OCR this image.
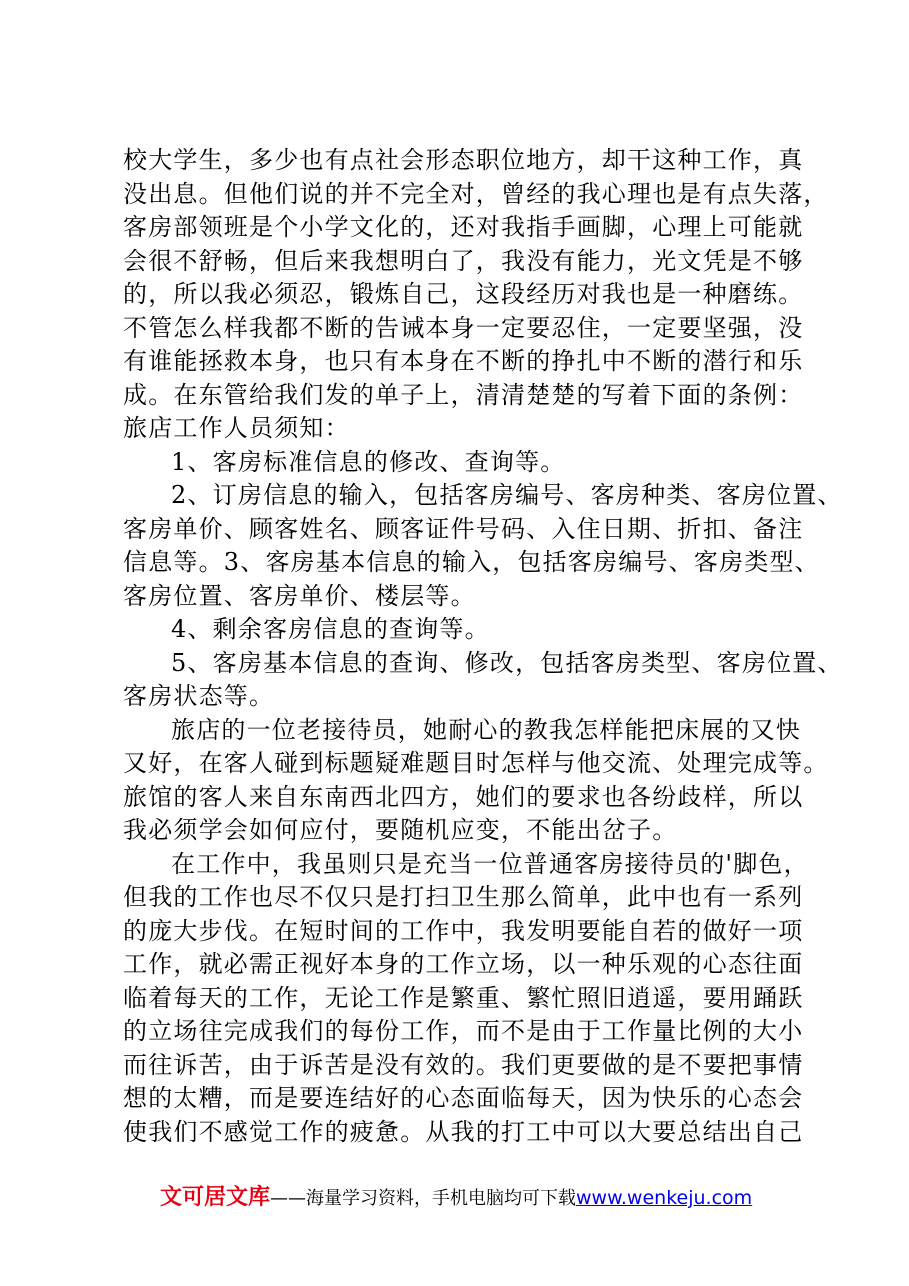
校大学生，多少也有点社会形态职位地方，却干这种工作，真
没出息。但他们说的并不完全对，曾经的我心理也是有点失落，
客房部领班是个小学文化的，还对我指手画脚，心理上可能就
会很不舒畅，但后来我想明白了，我没有能力，光文凭是不够
的，所以我必须忍，锻炼自己，这段经历对我也是一种磨练。
不管怎么样我都不断的告诫本身一定要忍住，一定要坚强，没
有谁能拯救本身，也只有本身在不断的挣扎中不断的潜行和乐
成。在东管给我们发的单子上，清清楚楚的写着下面的条例：
旅店工作人员须知：
1、客房标准信息的修改、查询等。
2、订房信息的输入，包括客房编号、客房种类、客房位置、
客房单价、顾客姓名、顾客证件号码、入住日期、折扣、备注
信息等。3、客房基本信息的输入，包括客房编号、客房类型、
客房位置、客房单价、楼层等。
4、剩余客房信息的查询等。
5、客房基本信息的查询、修改，包括客房类型、客房位置、
客房状态等。
旅店的一位老接待员，她耐心的教我怎样能把床展的又快
又好，在客人碰到标题疑难题目时怎样与他交流、处理完成等。
旅馆的客人来自东南西北四方，她们的要求也各纷歧样，所以
我必须学会如何应付，要随机应变，不能出岔子。
在工作中，我虽则只是充当一位普通客房接待员的'脚色，
但我的工作也尽不仅只是打扫卫生那么简单，此中也有一系列
的庞大步伐。在短时间的工作中，我发明要能自若的做好一项
工作，就必需正视好本身的工作立场，以一种乐观的心态往面
临着每天的工作，无论工作是繁重、繁忙照旧逍遥，要用踊跃
的立场往完成我们的每份工作，而不是由于工作量比例的大小
而往诉苦，由于诉苦是没有效的。我们更要做的是不要把事情
想的太糟，而是要连结好的心态面临每天，因为快乐的心态会
使我们不感觉工作的疲惫。从我的打工中可以大要总结出自己
文可居文库——海量学习资料，手机电脑均可下载www.wenkeju.com
